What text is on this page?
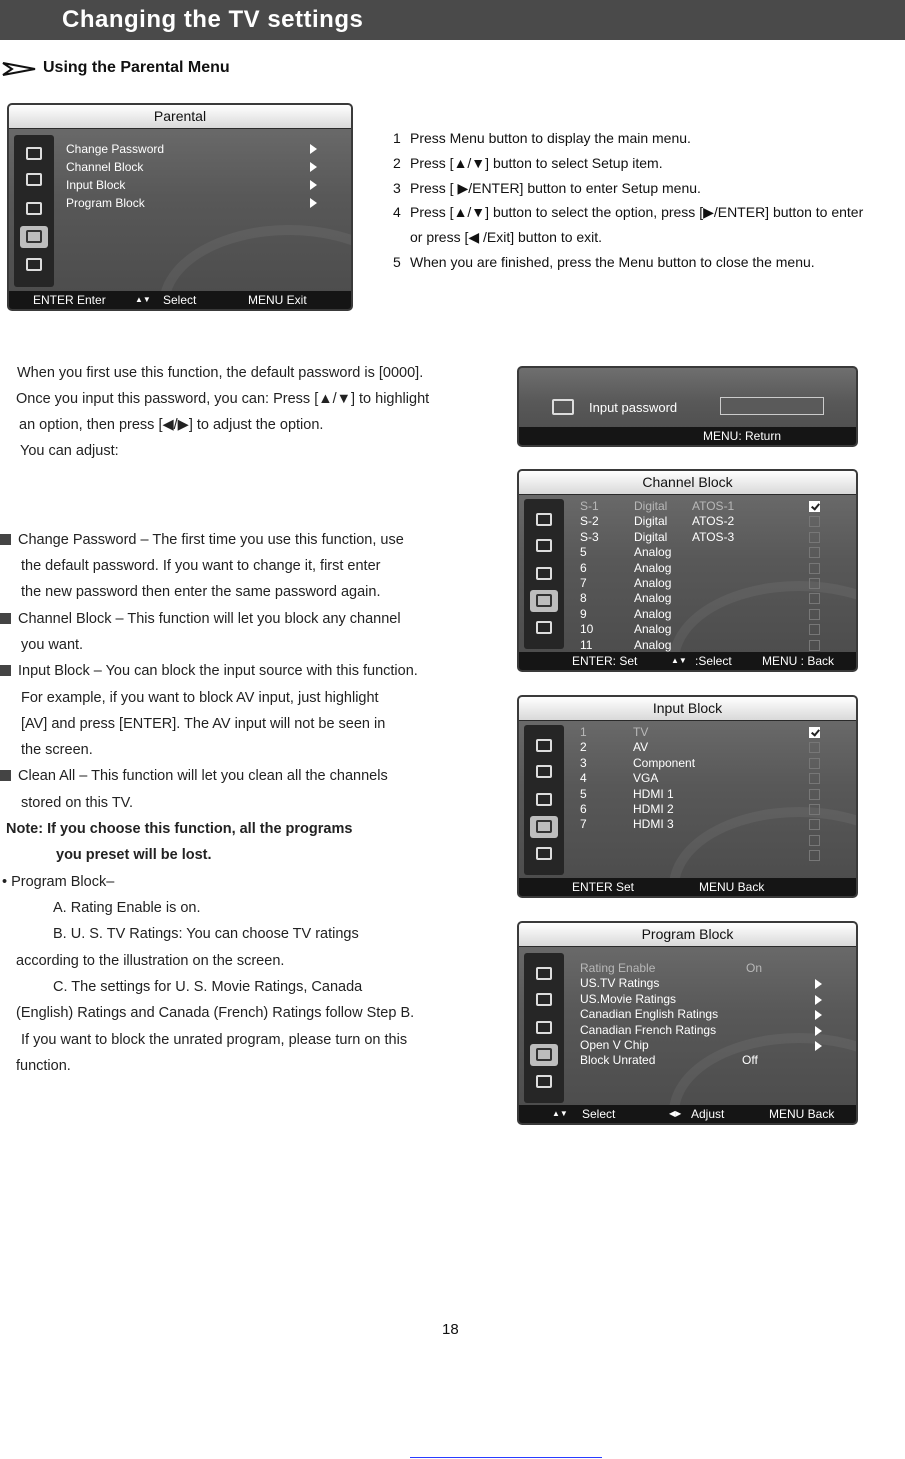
Changing the TV settings
Using the Parental Menu
Parental
Change Password
Channel Block
Input Block
Program Block
ENTER Enter	▲▼ Select	MENU Exit
1 Press Menu button to display the main menu.
2 Press [▲/▼] button to select Setup item.
3 Press [ ▶/ENTER] button to enter Setup menu.
4 Press [▲/▼] button to select the option, press [▶/ENTER] button to enter
or press [◀ /Exit] button to exit.
5 When you are finished, press the Menu button to close the menu.
When you first use this function, the default password is [0000].
Once you input this password, you can: Press [▲/▼] to highlight
an option, then press [◀/▶] to adjust the option.
You can adjust:
Input password
MENU: Return
Channel Block
S-1	Digital ATOS-1
S-2	Digital ATOS-2
S-3	Digital ATOS-3
5	Analog
6	Analog
7	Analog
8	Analog
9	Analog
10	Analog
11	Analog
ENTER: Set	▲▼ :Select	MENU : Back
Input Block
1	TV
2	AV
3	Component
4	VGA
5	HDMI 1
6	HDMI 2
7	HDMI 3
ENTER Set	MENU Back
Program Block
Rating Enable	On
US.TV Ratings
US.Movie Ratings
Canadian English Ratings
Canadian French Ratings
Open V Chip
Block Unrated	Off
▲▼ Select	◀▶ Adjust	MENU Back
Change Password – The first time you use this function, use
the default password. If you want to change it, first enter
the new password then enter the same password again.
Channel Block – This function will let you block any channel
you want.
Input Block – You can block the input source with this function.
For example, if you want to block AV input, just highlight
[AV] and press [ENTER]. The AV input will not be seen in
the screen.
Clean All – This function will let you clean all the channels
stored on this TV.
Note: If you choose this function, all the programs
you preset will be lost.
• Program Block–
A. Rating Enable is on.
B. U. S. TV Ratings: You can choose TV ratings
according to the illustration on the screen.
C. The settings for U. S. Movie Ratings, Canada
(English) Ratings and Canada (French) Ratings follow Step B.
If you want to block the unrated program, please turn on this
function.
18
